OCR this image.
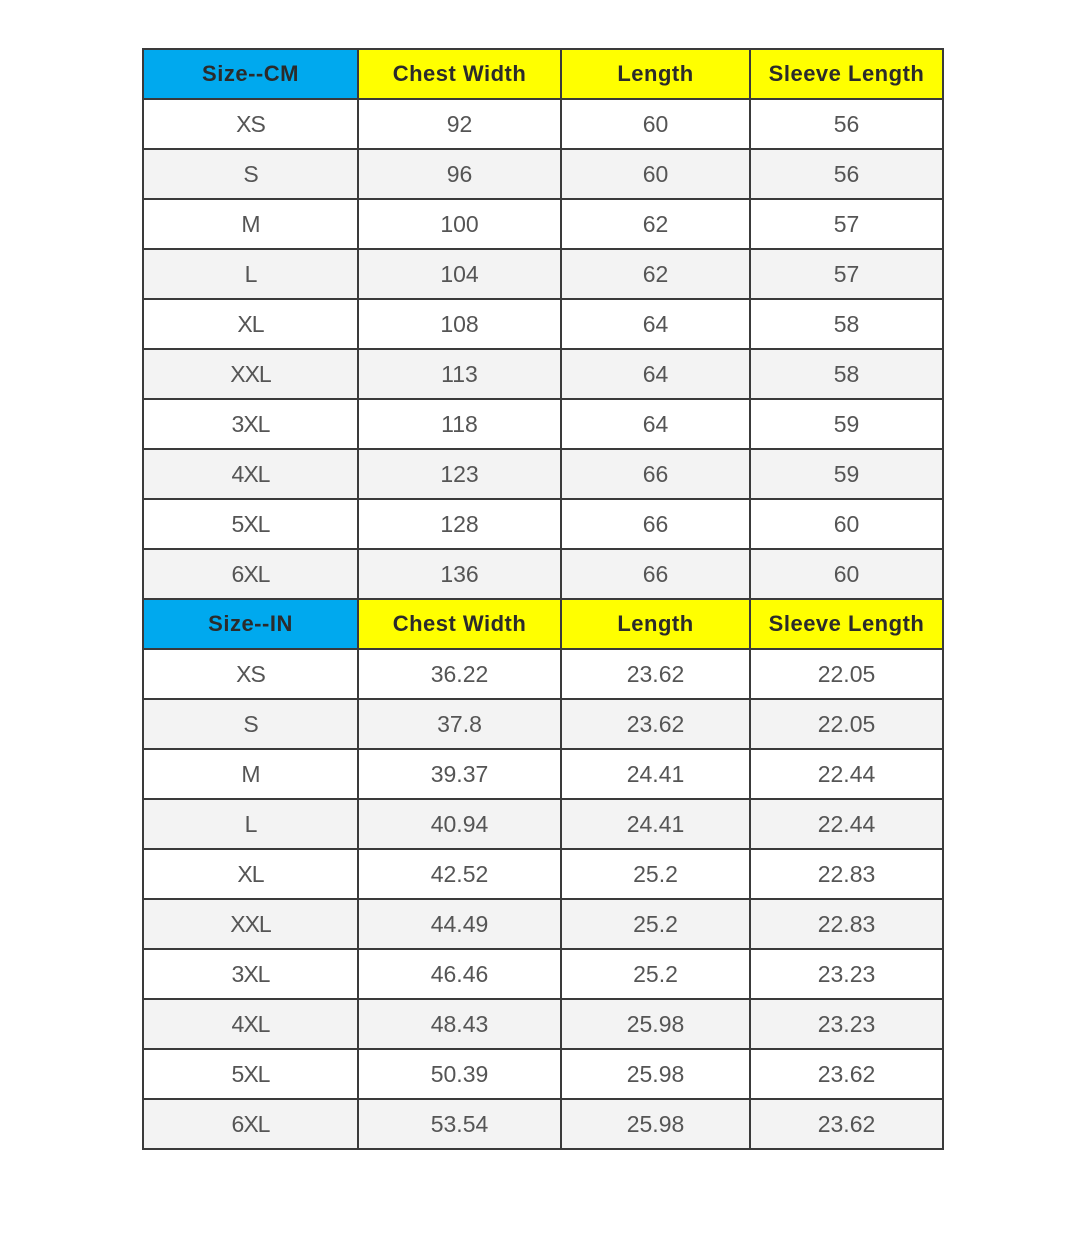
Size--CM	Chest Width	Length	Sleeve Length
XS	92	60	56
S	96	60	56
M	100	62	57
L	104	62	57
XL	108	64	58
XXL	113	64	58
3XL	118	64	59
4XL	123	66	59
5XL	128	66	60
6XL	136	66	60
Size--IN	Chest Width	Length	Sleeve Length
XS	36.22	23.62	22.05
S	37.8	23.62	22.05
M	39.37	24.41	22.44
L	40.94	24.41	22.44
XL	42.52	25.2	22.83
XXL	44.49	25.2	22.83
3XL	46.46	25.2	23.23
4XL	48.43	25.98	23.23
5XL	50.39	25.98	23.62
6XL	53.54	25.98	23.62
